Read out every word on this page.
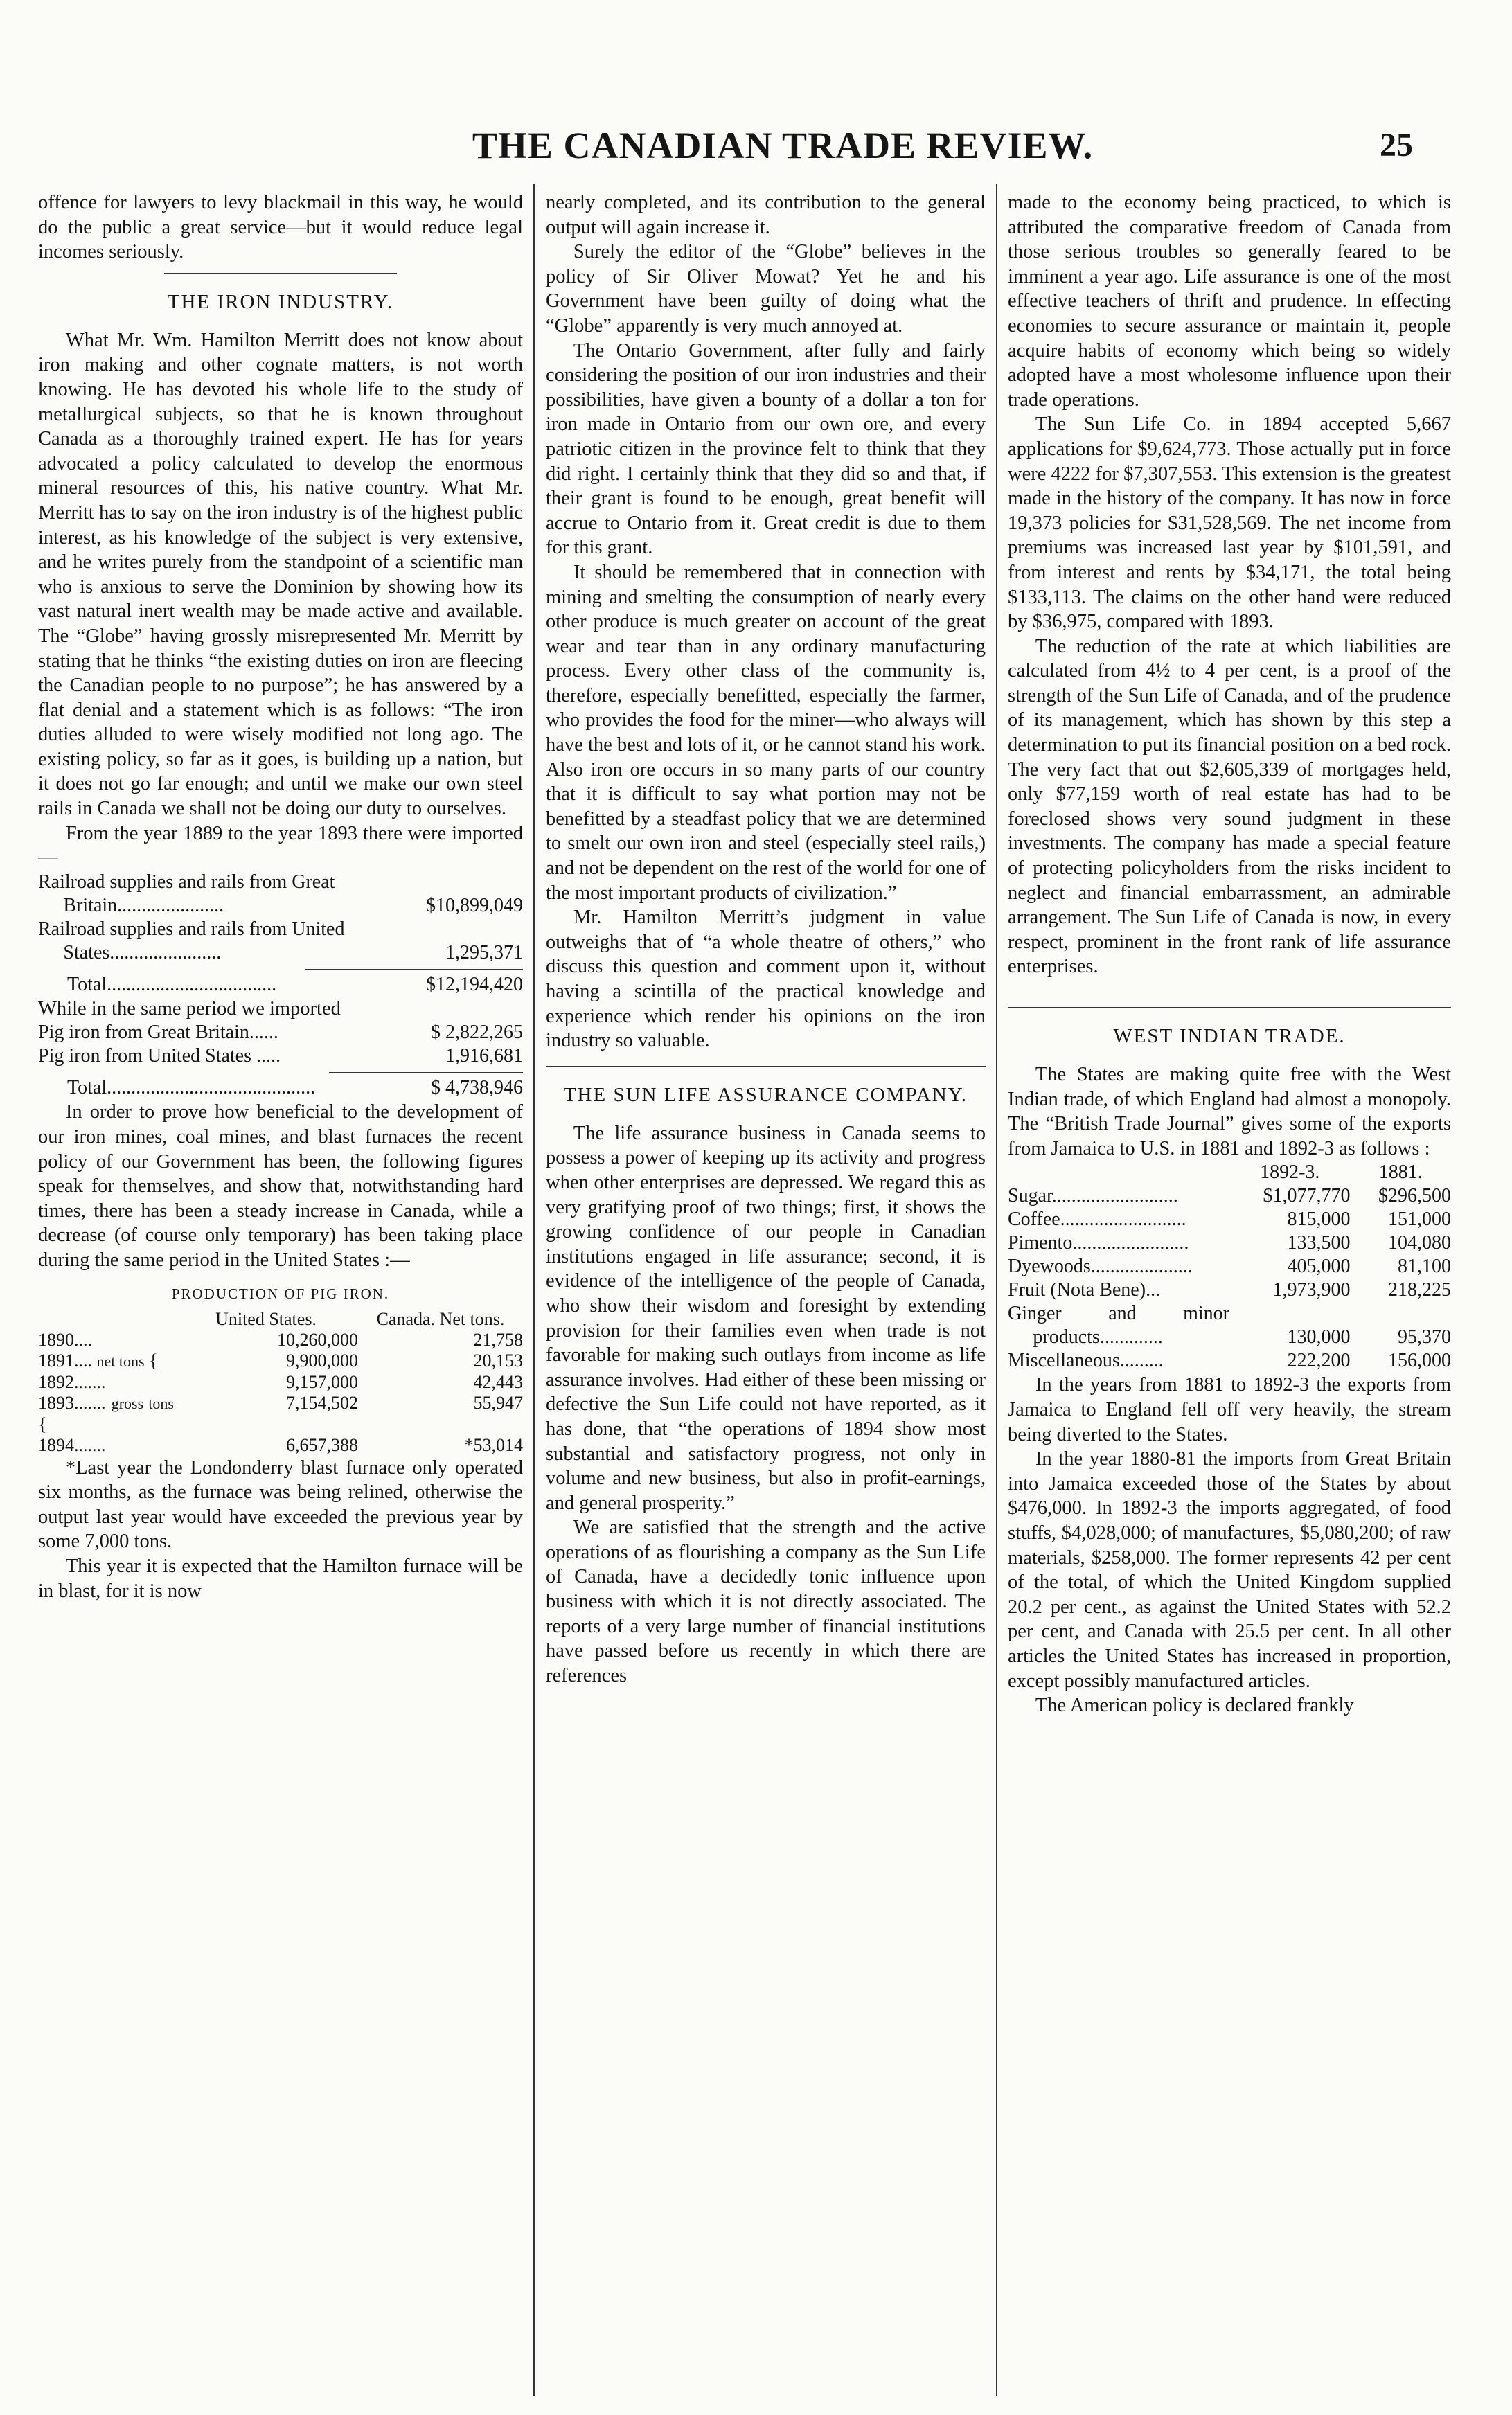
THE CANADIAN TRADE REVIEW.	25

offence for lawyers to levy blackmail in this way, he would do the public a great service—but it would reduce legal incomes seriously.

THE IRON INDUSTRY.

What Mr. Wm. Hamilton Merritt does not know about iron making and other cognate matters, is not worth knowing. He has devoted his whole life to the study of metallurgical subjects, so that he is known throughout Canada as a thoroughly trained expert. He has for years advocated a policy calculated to develop the enormous mineral resources of this, his native country. What Mr. Merritt has to say on the iron industry is of the highest public interest, as his knowledge of the subject is very extensive, and he writes purely from the standpoint of a scientific man who is anxious to serve the Dominion by showing how its vast natural inert wealth may be made active and available. The “Globe” having grossly misrepresented Mr. Merritt by stating that he thinks “the existing duties on iron are fleecing the Canadian people to no purpose”; he has answered by a flat denial and a statement which is as follows: “The iron duties alluded to were wisely modified not long ago. The existing policy, so far as it goes, is building up a nation, but it does not go far enough; and until we make our own steel rails in Canada we shall not be doing our duty to ourselves.

From the year 1889 to the year 1893 there were imported—

Railroad supplies and rails from Great Britain......................	$10,899,049
Railroad supplies and rails from United States.......................	1,295,371

Total...................................	$12,194,420

While in the same period we imported

Pig iron from Great Britain......	$ 2,822,265
Pig iron from United States .....	1,916,681

Total...........................................	$ 4,738,946

In order to prove how beneficial to the development of our iron mines, coal mines, and blast furnaces the recent policy of our Government has been, the following figures speak for themselves, and show that, notwithstanding hard times, there has been a steady increase in Canada, while a decrease (of course only temporary) has been taking place during the same period in the United States :—

PRODUCTION OF PIG IRON.
	United States.	Canada. Net tons.
1890....	10,260,000	21,758
1891.... net tons {	9,900,000	20,153
1892.......	9,157,000	42,443
1893....... gross tons {	7,154,502	55,947
1894.......	6,657,388	*53,014

*Last year the Londonderry blast furnace only operated six months, as the furnace was being relined, otherwise the output last year would have exceeded the previous year by some 7,000 tons.

This year it is expected that the Hamilton furnace will be in blast, for it is now

nearly completed, and its contribution to the general output will again increase it.

Surely the editor of the “Globe” believes in the policy of Sir Oliver Mowat? Yet he and his Government have been guilty of doing what the “Globe” apparently is very much annoyed at.

The Ontario Government, after fully and fairly considering the position of our iron industries and their possibilities, have given a bounty of a dollar a ton for iron made in Ontario from our own ore, and every patriotic citizen in the province felt to think that they did right. I certainly think that they did so and that, if their grant is found to be enough, great benefit will accrue to Ontario from it. Great credit is due to them for this grant.

It should be remembered that in connection with mining and smelting the consumption of nearly every other produce is much greater on account of the great wear and tear than in any ordinary manufacturing process. Every other class of the community is, therefore, especially benefitted, especially the farmer, who provides the food for the miner—who always will have the best and lots of it, or he cannot stand his work. Also iron ore occurs in so many parts of our country that it is difficult to say what portion may not be benefitted by a steadfast policy that we are determined to smelt our own iron and steel (especially steel rails,) and not be dependent on the rest of the world for one of the most important products of civilization.”

Mr. Hamilton Merritt’s judgment in value outweighs that of “a whole theatre of others,” who discuss this question and comment upon it, without having a scintilla of the practical knowledge and experience which render his opinions on the iron industry so valuable.

THE SUN LIFE ASSURANCE COMPANY.

The life assurance business in Canada seems to possess a power of keeping up its activity and progress when other enterprises are depressed. We regard this as very gratifying proof of two things; first, it shows the growing confidence of our people in Canadian institutions engaged in life assurance; second, it is evidence of the intelligence of the people of Canada, who show their wisdom and foresight by extending provision for their families even when trade is not favorable for making such outlays from income as life assurance involves. Had either of these been missing or defective the Sun Life could not have reported, as it has done, that “the operations of 1894 show most substantial and satisfactory progress, not only in volume and new business, but also in profit-earnings, and general prosperity.”

We are satisfied that the strength and the active operations of as flourishing a company as the Sun Life of Canada, have a decidedly tonic influence upon business with which it is not directly associated. The reports of a very large number of financial institutions have passed before us recently in which there are references

made to the economy being practiced, to which is attributed the comparative freedom of Canada from those serious troubles so generally feared to be imminent a year ago. Life assurance is one of the most effective teachers of thrift and prudence. In effecting economies to secure assurance or maintain it, people acquire habits of economy which being so widely adopted have a most wholesome influence upon their trade operations.

The Sun Life Co. in 1894 accepted 5,667 applications for $9,624,773. Those actually put in force were 4222 for $7,307,553. This extension is the greatest made in the history of the company. It has now in force 19,373 policies for $31,528,569. The net income from premiums was increased last year by $101,591, and from interest and rents by $34,171, the total being $133,113. The claims on the other hand were reduced by $36,975, compared with 1893.

The reduction of the rate at which liabilities are calculated from 4½ to 4 per cent, is a proof of the strength of the Sun Life of Canada, and of the prudence of its management, which has shown by this step a determination to put its financial position on a bed rock. The very fact that out $2,605,339 of mortgages held, only $77,159 worth of real estate has had to be foreclosed shows very sound judgment in these investments. The company has made a special feature of protecting policyholders from the risks incident to neglect and financial embarrassment, an admirable arrangement. The Sun Life of Canada is now, in every respect, prominent in the front rank of life assurance enterprises.

WEST INDIAN TRADE.

The States are making quite free with the West Indian trade, of which England had almost a monopoly. The “British Trade Journal” gives some of the exports from Jamaica to U.S. in 1881 and 1892-3 as follows :

	1892-3.	1881.
Sugar..........................	$1,077,770	$296,500
Coffee..........................	815,000	151,000
Pimento........................	133,500	104,080
Dyewoods.....................	405,000	81,100
Fruit (Nota Bene)...	1,973,900	218,225
Ginger and minor products.............	130,000	95,370
Miscellaneous.........	222,200	156,000

In the years from 1881 to 1892-3 the exports from Jamaica to England fell off very heavily, the stream being diverted to the States.

In the year 1880-81 the imports from Great Britain into Jamaica exceeded those of the States by about $476,000. In 1892-3 the imports aggregated, of food stuffs, $4,028,000; of manufactures, $5,080,200; of raw materials, $258,000. The former represents 42 per cent of the total, of which the United Kingdom supplied 20.2 per cent., as against the United States with 52.2 per cent, and Canada with 25.5 per cent. In all other articles the United States has increased in proportion, except possibly manufactured articles.

The American policy is declared frankly
